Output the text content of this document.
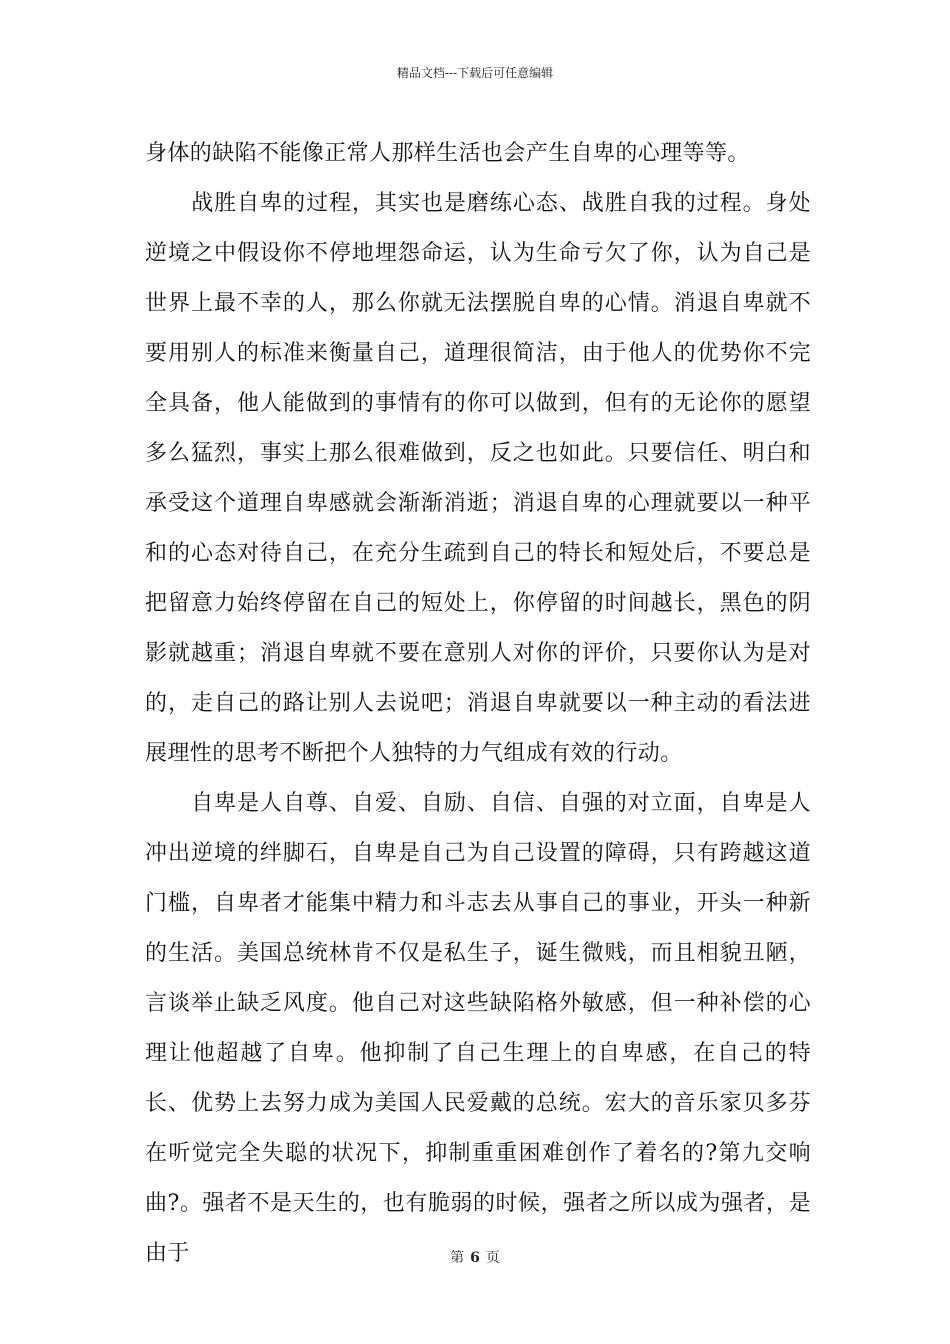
精品文档---下载后可任意编辑

身体的缺陷不能像正常人那样生活也会产生自卑的心理等等。

战胜自卑的过程，其实也是磨练心态、战胜自我的过程。身处逆境之中假设你不停地埋怨命运，认为生命亏欠了你，认为自己是世界上最不幸的人，那么你就无法摆脱自卑的心情。消退自卑就不要用别人的标准来衡量自己，道理很简洁，由于他人的优势你不完全具备，他人能做到的事情有的你可以做到，但有的无论你的愿望多么猛烈，事实上那么很难做到，反之也如此。只要信任、明白和承受这个道理自卑感就会渐渐消逝；消退自卑的心理就要以一种平和的心态对待自己，在充分生疏到自己的特长和短处后，不要总是把留意力始终停留在自己的短处上，你停留的时间越长，黑色的阴影就越重；消退自卑就不要在意别人对你的评价，只要你认为是对的，走自己的路让别人去说吧；消退自卑就要以一种主动的看法进展理性的思考不断把个人独特的力气组成有效的行动。

自卑是人自尊、自爱、自励、自信、自强的对立面，自卑是人冲出逆境的绊脚石，自卑是自己为自己设置的障碍，只有跨越这道门槛，自卑者才能集中精力和斗志去从事自己的事业，开头一种新的生活。美国总统林肯不仅是私生子，诞生微贱，而且相貌丑陋，言谈举止缺乏风度。他自己对这些缺陷格外敏感，但一种补偿的心理让他超越了自卑。他抑制了自己生理上的自卑感，在自己的特长、优势上去努力成为美国人民爱戴的总统。宏大的音乐家贝多芬在听觉完全失聪的状况下，抑制重重困难创作了着名的?第九交响曲?。强者不是天生的，也有脆弱的时候，强者之所以成为强者，是由于	第 6 页
